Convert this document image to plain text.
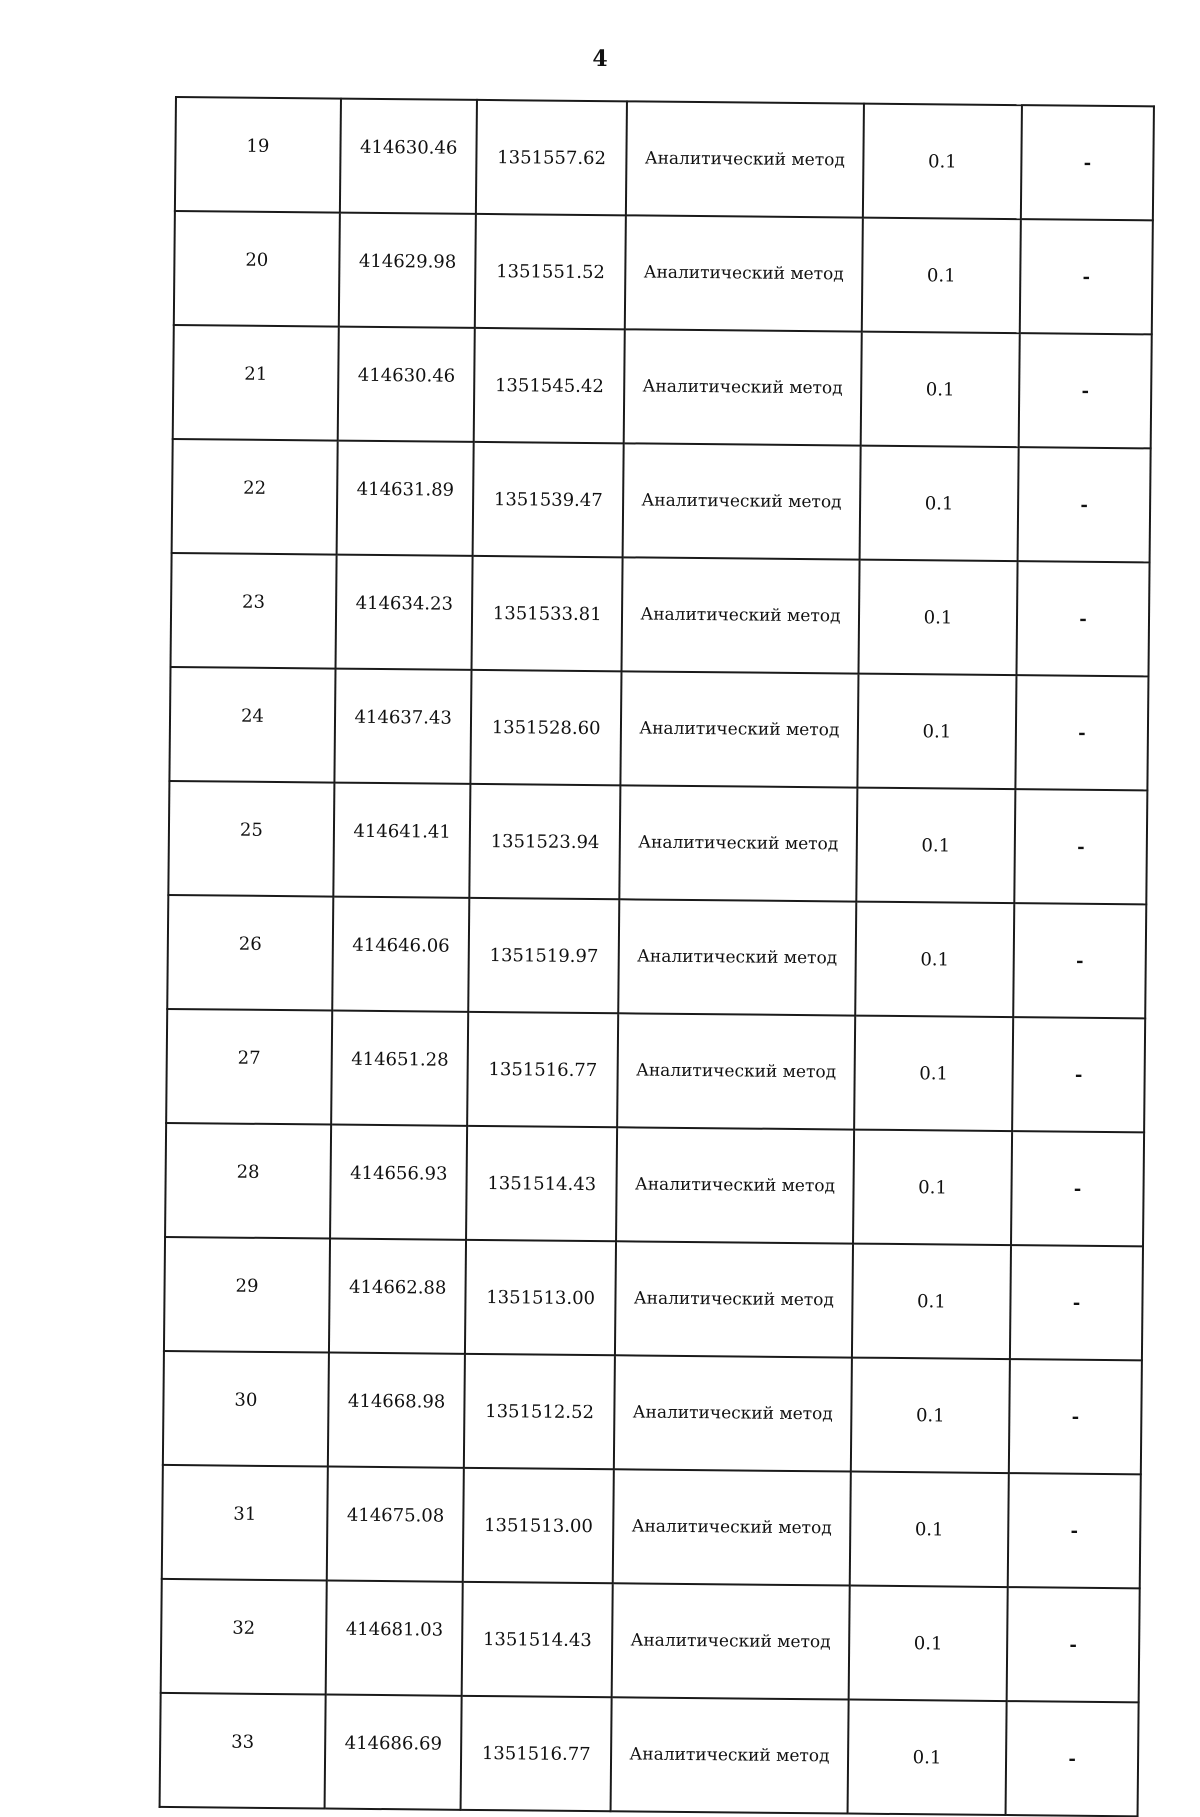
4
19	414630.46	1351557.62	Аналитический метод	0.1	-
20	414629.98	1351551.52	Аналитический метод	0.1	-
21	414630.46	1351545.42	Аналитический метод	0.1	-
22	414631.89	1351539.47	Аналитический метод	0.1	-
23	414634.23	1351533.81	Аналитический метод	0.1	-
24	414637.43	1351528.60	Аналитический метод	0.1	-
25	414641.41	1351523.94	Аналитический метод	0.1	-
26	414646.06	1351519.97	Аналитический метод	0.1	-
27	414651.28	1351516.77	Аналитический метод	0.1	-
28	414656.93	1351514.43	Аналитический метод	0.1	-
29	414662.88	1351513.00	Аналитический метод	0.1	-
30	414668.98	1351512.52	Аналитический метод	0.1	-
31	414675.08	1351513.00	Аналитический метод	0.1	-
32	414681.03	1351514.43	Аналитический метод	0.1	-
33	414686.69	1351516.77	Аналитический метод	0.1	-
